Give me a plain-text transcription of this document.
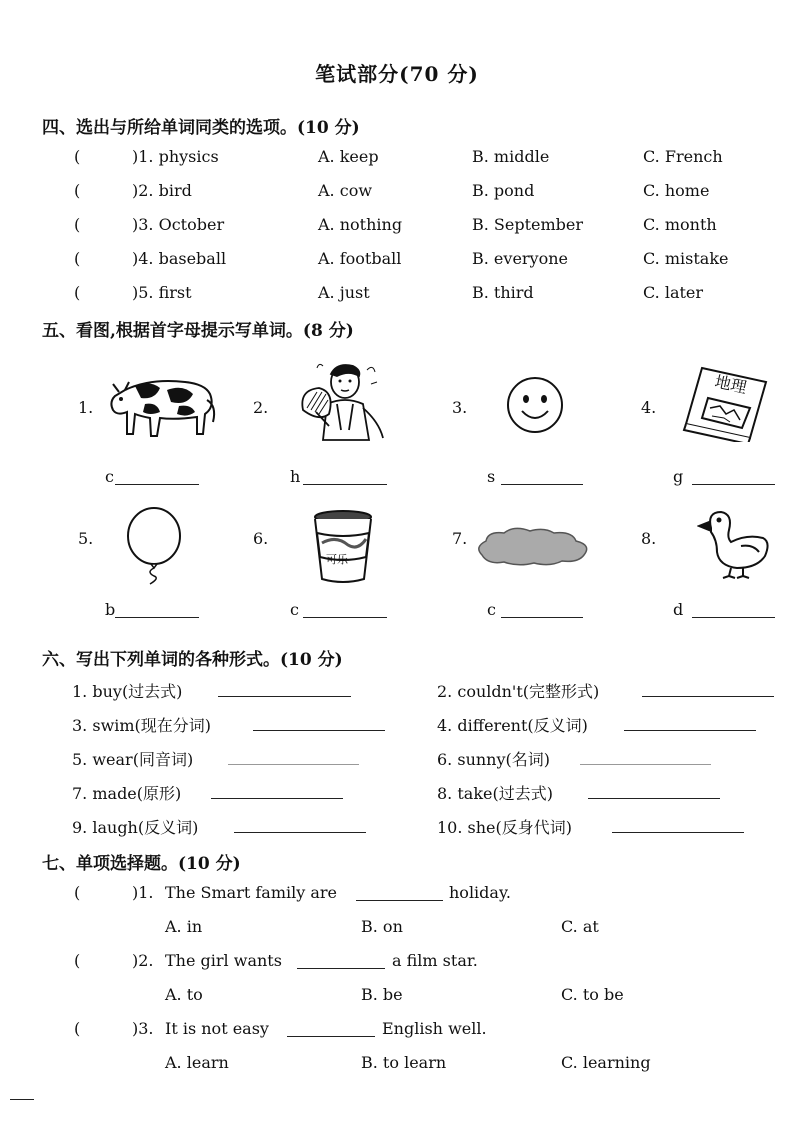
笔试部分(70 分)
四、选出与所给单词同类的选项。(10 分)
(	)1. physics	A. keep	B. middle	C. French
(	)2. bird	A. cow	B. pond	C. home
(	)3. October	A. nothing	B. September	C. month
(	)4. baseball	A. football	B. everyone	C. mistake
(	)5. first	A. just	B. third	C. later
五、看图,根据首字母提示写单词。(8 分)
1.
c
2.
h
3.
s
4.
地理
g
5.
b
6.
可乐
c
7.
c
8.
d
六、写出下列单词的各种形式。(10 分)
1. buy(过去式)	2. couldn't(完整形式)
3. swim(现在分词)	4. different(反义词)
5. wear(同音词)	6. sunny(名词)
7. made(原形)	8. take(过去式)
9. laugh(反义词)	10. she(反身代词)
七、单项选择题。(10 分)
(	)1. The Smart family are	holiday.
A. in	B. on	C. at
(	)2. The girl wants	a film star.
A. to	B. be	C. to be
(	)3. It is not easy	English well.
A. learn	B. to learn	C. learning
